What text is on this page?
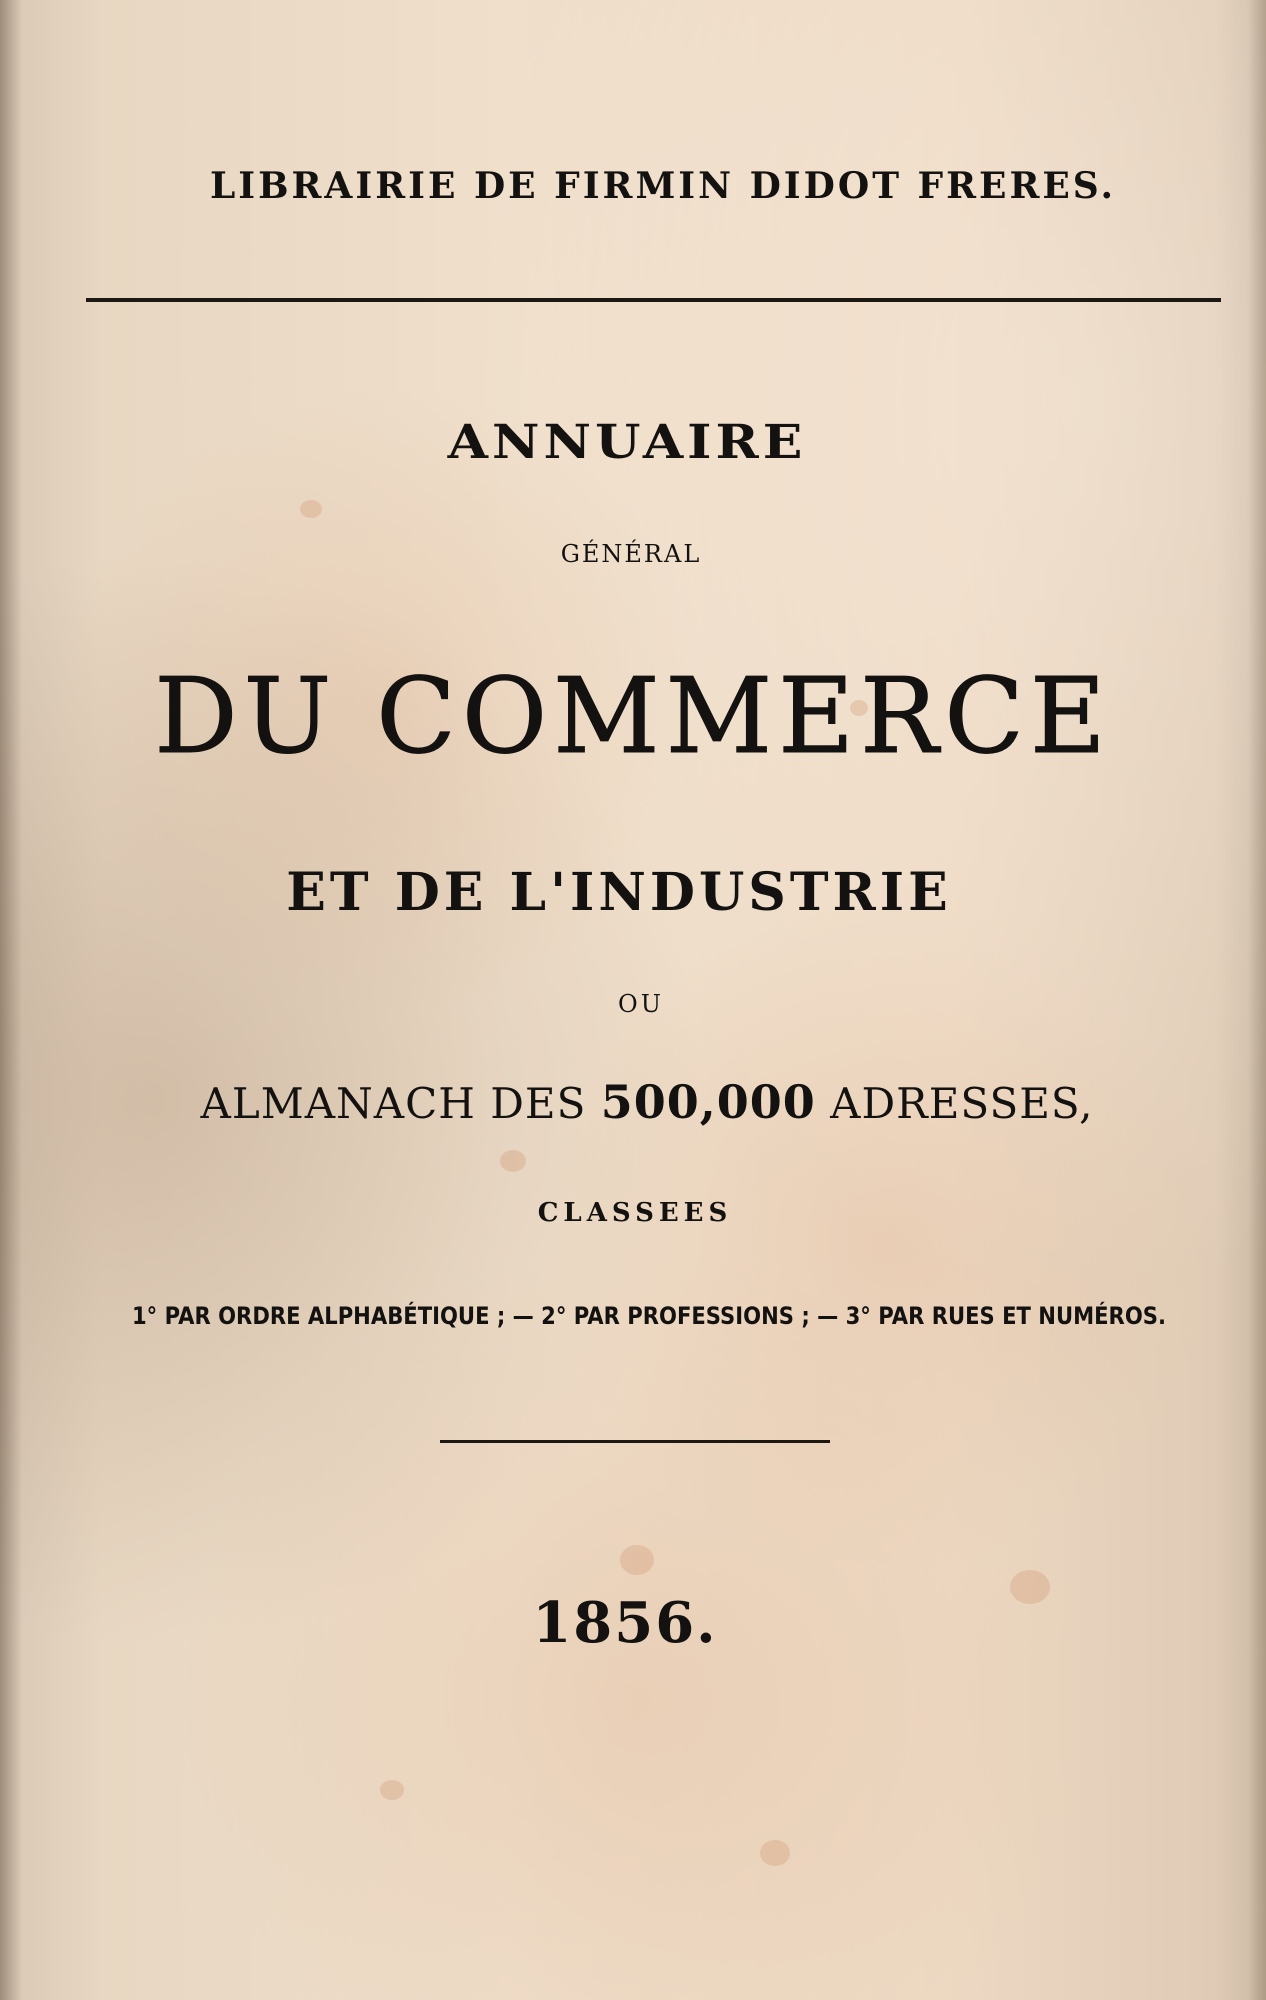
LIBRAIRIE DE FIRMIN DIDOT FRERES.
ANNUAIRE
GÉNÉRAL
DU COMMERCE
ET DE L'INDUSTRIE
OU
ALMANACH DES 500,000 ADRESSES,
CLASSEES
1° PAR ORDRE ALPHABÉTIQUE ; — 2° PAR PROFESSIONS ; — 3° PAR RUES ET NUMÉROS.
1856.
